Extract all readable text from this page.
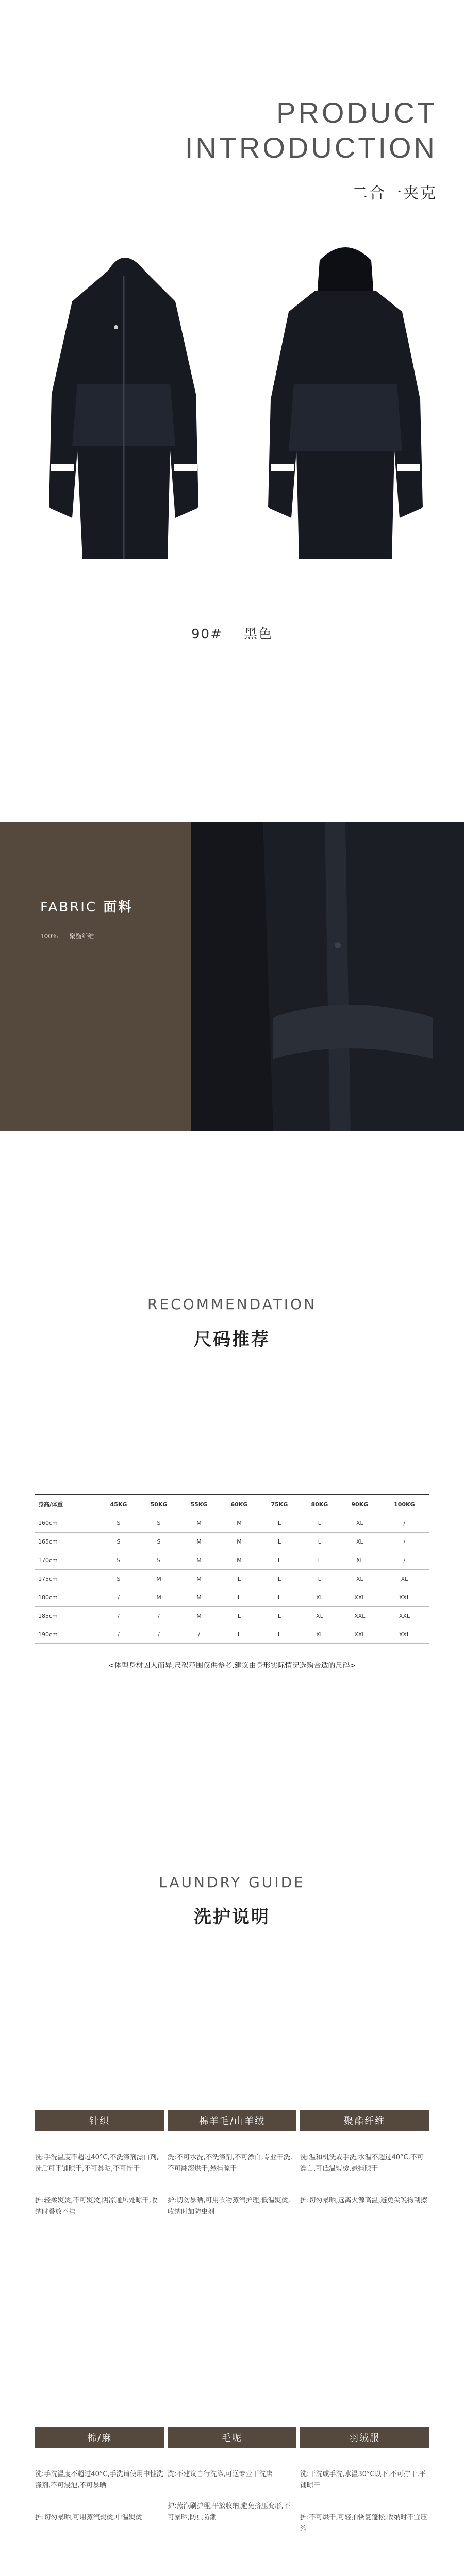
PRODUCT
INTRODUCTION
二合一夹克
90# 黑色
FABRIC 面料
100% 聚酯纤维
RECOMMENDATION
尺码推荐
身高/体重	45KG	50KG	55KG	60KG	75KG	80KG	90KG	100KG
160cm	S	S	M	M	L	L	XL	/
165cm	S	S	M	M	L	L	XL	/
170cm	S	S	M	M	L	L	XL	/
175cm	S	M	M	L	L	L	XL	XL
180cm	/	M	M	L	L	XL	XXL	XXL
185cm	/	/	M	L	L	XL	XXL	XXL
190cm	/	/	/	L	L	XL	XXL	XXL
<体型身材因人而异,尺码范围仅供参考,建议由身形实际情况选购合适的尺码>
LAUNDRY GUIDE
洗护说明
针织
洗:手洗温度不超过40°C,不洗涤剂漂白剂,洗后可平铺晾干,不可暴晒,不可拧干
护:轻柔熨烫,不可熨烫,阴凉通风处晾干,收纳时叠放不挂
棉羊毛/山羊绒
洗:不可水洗,不洗涤剂,不可漂白,专业干洗,不可翻滚烘干,悬挂晾干
护:切勿暴晒,可用衣物蒸汽护理,低温熨烫,收纳时加防虫剂
聚酯纤维
洗:温和机洗或手洗,水温不超过40°C,不可漂白,可低温熨烫,悬挂晾干
护:切勿暴晒,远离火源高温,避免尖锐物刮擦
棉/麻
洗:手洗温度不超过40°C,手洗请使用中性洗涤剂,不可浸泡,不可暴晒
护:切勿暴晒,可用蒸汽熨烫,中温熨烫
毛呢
洗:不建议自行洗涤,可送专业干洗店
护:蒸汽刷护理,平放收纳,避免挤压变形,不可暴晒,防虫防潮
羽绒服
洗:干洗或手洗,水温30°C以下,不可拧干,平铺晾干
护:不可烘干,可轻拍恢复蓬松,收纳时不宜压缩
